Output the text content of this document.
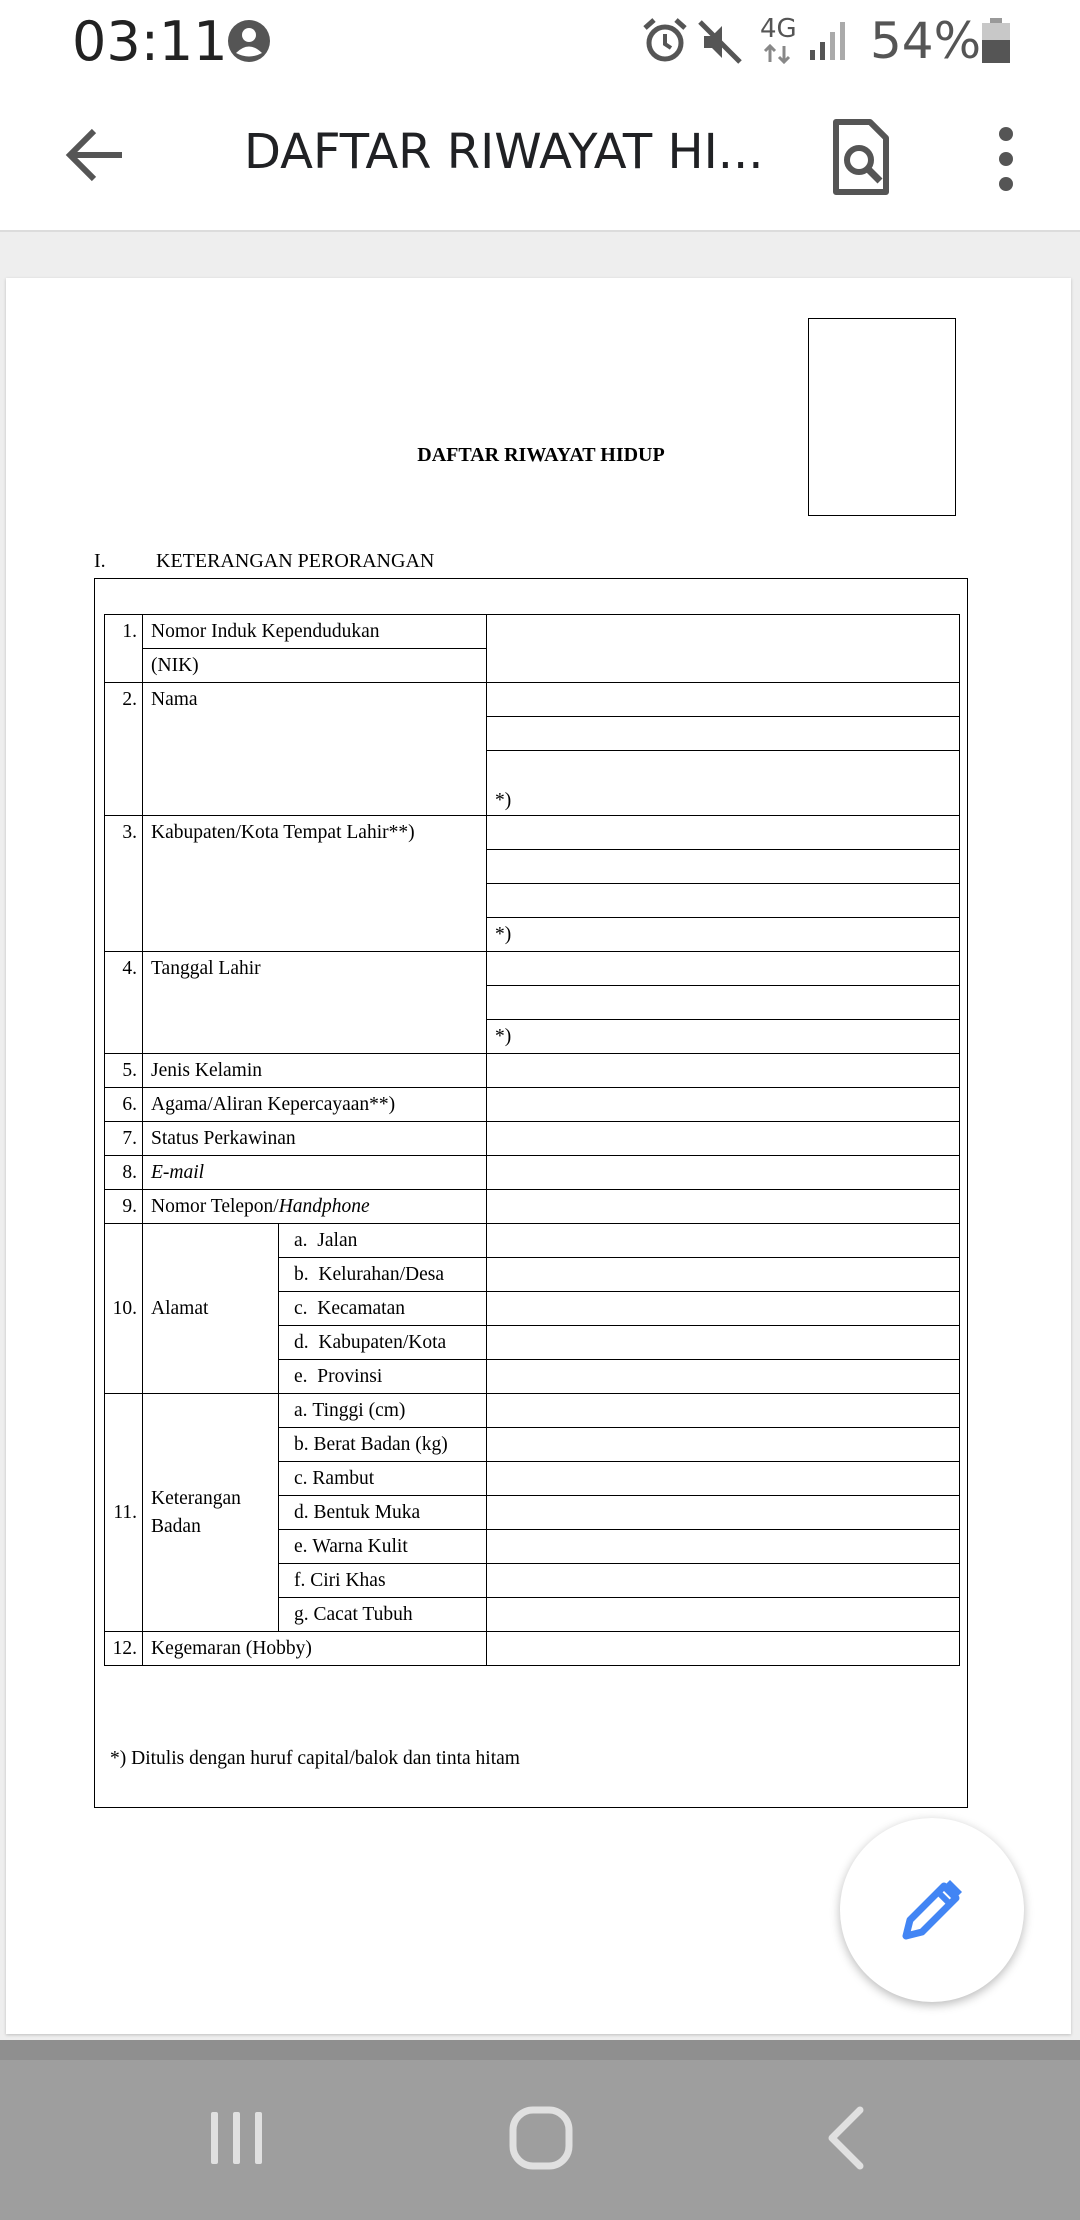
03:11	4G 54%
DAFTAR RIWAYAT HI...
DAFTAR RIWAYAT HIDUP
I.	KETERANGAN PERORANGAN
1.	Nomor Induk Kependudukan		
	(NIK)		
2.	Nama		

			*)
3.	Kabupaten/Kota Tempat Lahir**)		

			*)
4.	Tanggal Lahir		

			*)
5.	Jenis Kelamin		
6.	Agama/Aliran Kepercayaan**)		
7.	Status Perkawinan		
8.	E-mail		
9.	Nomor Telepon/Handphone		
10.	Alamat	a. Jalan	
		b. Kelurahan/Desa	
		c. Kecamatan	
		d. Kabupaten/Kota	
		e. Provinsi	
11.	Keterangan
Badan	a. Tinggi (cm)	
		b. Berat Badan (kg)	
		c. Rambut	
		d. Bentuk Muka	
		e. Warna Kulit	
		f. Ciri Khas	
		g. Cacat Tubuh	
12.	Kegemaran (Hobby)		
*) Ditulis dengan huruf capital/balok dan tinta hitam
